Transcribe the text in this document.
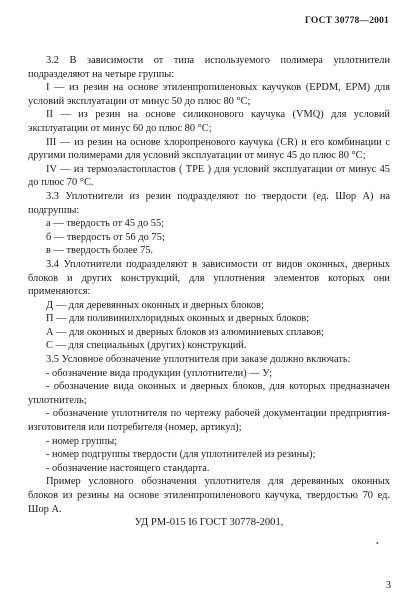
ГОСТ 30778—2001

3.2 В зависимости от типа используемого полимера уплотнители подразделяют на четыре группы:

I — из резин на основе этиленпропиленовых каучуков (EPDM, EPM) для условий эксплуатации от минус 50 до плюс 80 °С;

II — из резин на основе силиконового каучука (VMQ) для условий эксплуатации от минус 60 до плюс 80 °С;

III — из резин на основе хлоропренового каучука (CR) и его комбинации с другими полимерами для условий эксплуатации от минус 45 до плюс 80 °С;

IV — из термоэластопластов ( TPE ) для условий эксплуатации от минус 45 до плюс 70 °С.

3.3 Уплотнители из резин подразделяют по твердости (ед. Шор А) на подгруппы:

а — твердость от 45 до 55;

б — твердость от 56 до 75;

в — твердость более 75.

3.4 Уплотнители подразделяют в зависимости от видов оконных, дверных блоков и других конструкций, для уплотнения элементов которых они применяются:

Д — для деревянных оконных и дверных блоков;

П — для поливинилхлоридных оконных и дверных блоков;

А — для оконных и дверных блоков из алюминиевых сплавов;

С — для специальных (других) конструкций.

3.5 Условное обозначение уплотнителя при заказе должно включать:

- обозначение вида продукции (уплотнители) — У;

- обозначение вида оконных и дверных блоков, для которых предназначен уплотнитель;

- обозначение уплотнителя по чертежу рабочей документации предприятия-изготовителя или потребителя (номер, артикул);

- номер группы;

- номер подгруппы твердости (для уплотнителей из резины);

- обозначение настоящего стандарта.

Пример условного обозначения уплотнителя для деревянных оконных блоков из резины на основе этиленпропиленового каучука, твердостью 70 ед. Шор А.

УД РМ-015 I6 ГОСТ 30778-2001,

•
3
